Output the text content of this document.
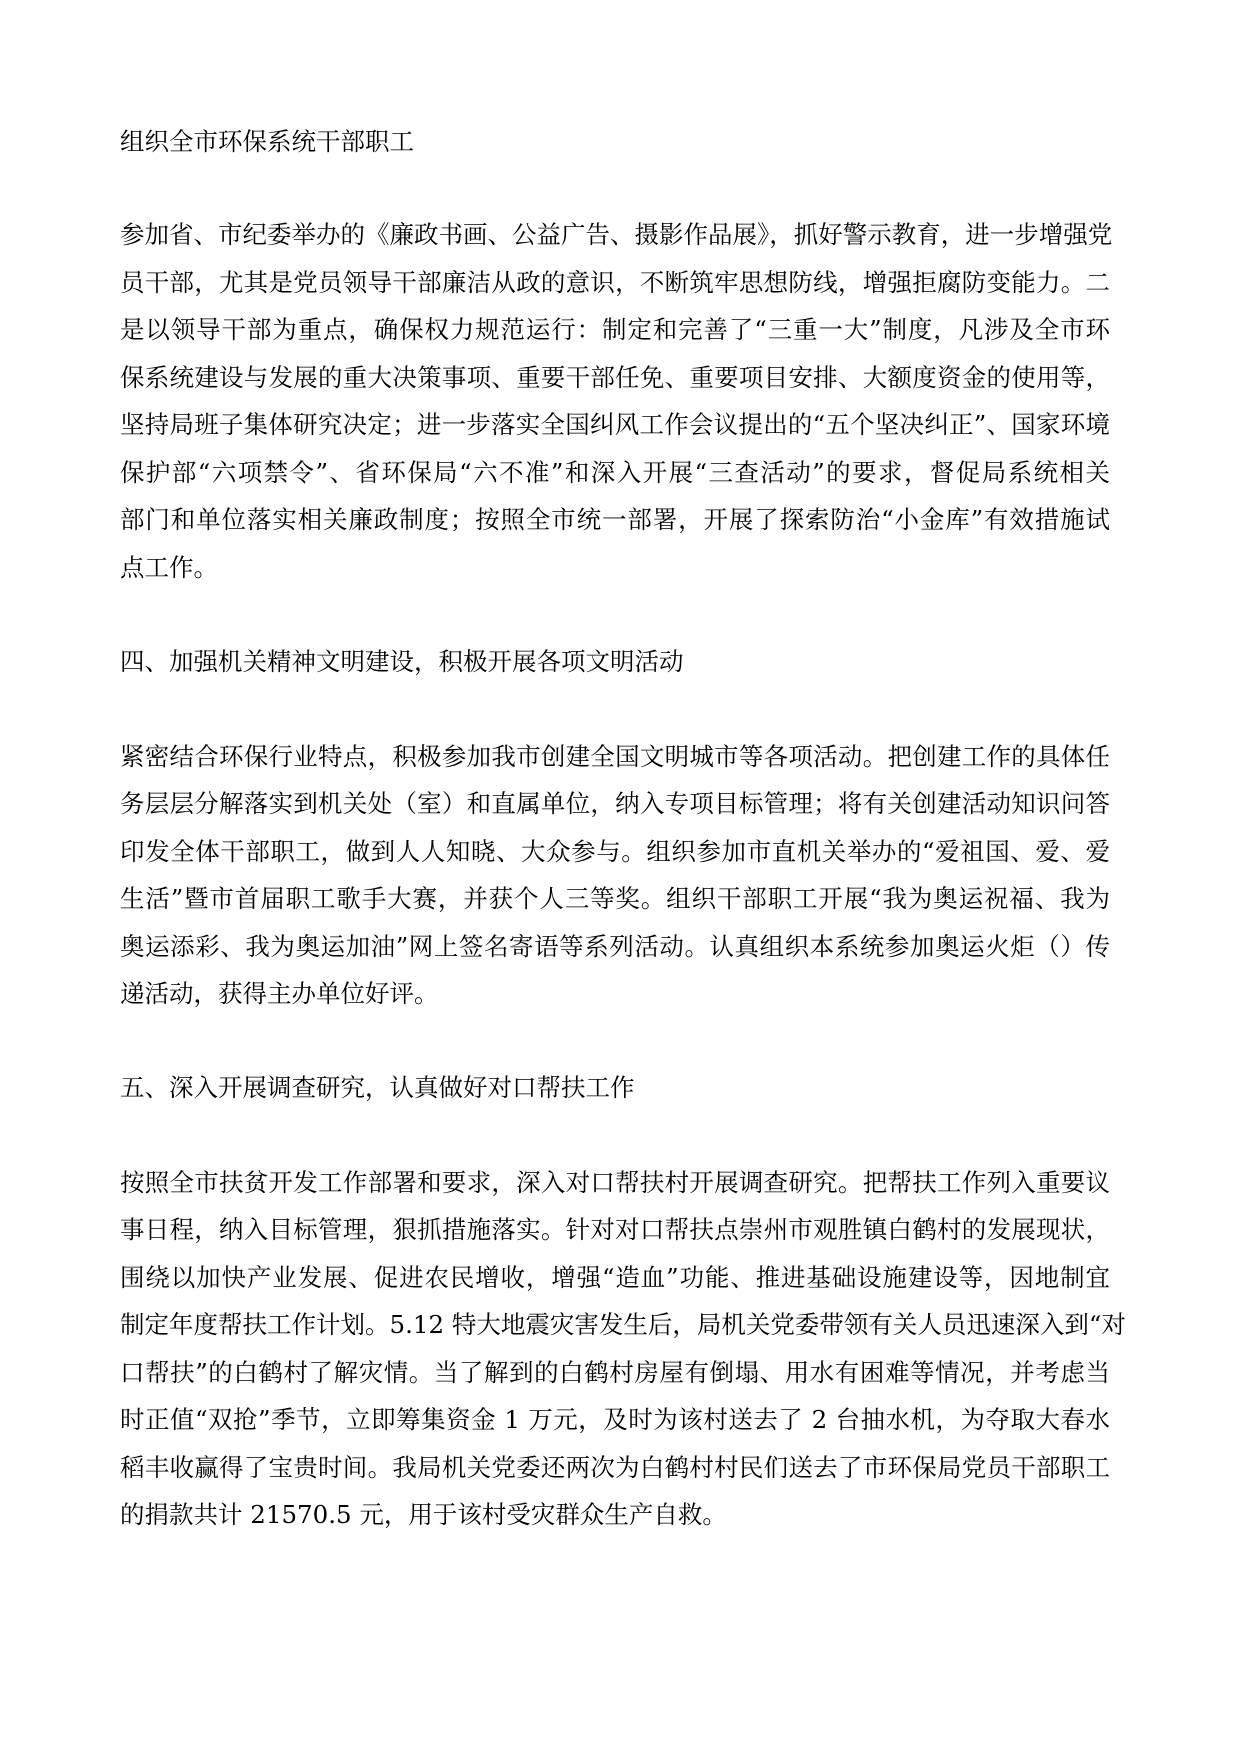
组织全市环保系统干部职工
参加省、市纪委举办的《廉政书画、公益广告、摄影作品展》，抓好警示教育，进一步增强党
员干部，尤其是党员领导干部廉洁从政的意识，不断筑牢思想防线，增强拒腐防变能力。二
是以领导干部为重点，确保权力规范运行：制定和完善了“三重一大”制度，凡涉及全市环
保系统建设与发展的重大决策事项、重要干部任免、重要项目安排、大额度资金的使用等，
坚持局班子集体研究决定；进一步落实全国纠风工作会议提出的“五个坚决纠正”、国家环境
保护部“六项禁令”、省环保局“六不准”和深入开展“三查活动”的要求，督促局系统相关
部门和单位落实相关廉政制度；按照全市统一部署，开展了探索防治“小金库”有效措施试
点工作。
四、加强机关精神文明建设，积极开展各项文明活动
紧密结合环保行业特点，积极参加我市创建全国文明城市等各项活动。把创建工作的具体任
务层层分解落实到机关处（室）和直属单位，纳入专项目标管理；将有关创建活动知识问答
印发全体干部职工，做到人人知晓、大众参与。组织参加市直机关举办的“爱祖国、爱、爱
生活”暨市首届职工歌手大赛，并获个人三等奖。组织干部职工开展“我为奥运祝福、我为
奥运添彩、我为奥运加油”网上签名寄语等系列活动。认真组织本系统参加奥运火炬（）传
递活动，获得主办单位好评。
五、深入开展调查研究，认真做好对口帮扶工作
按照全市扶贫开发工作部署和要求，深入对口帮扶村开展调查研究。把帮扶工作列入重要议
事日程，纳入目标管理，狠抓措施落实。针对对口帮扶点崇州市观胜镇白鹤村的发展现状，
围绕以加快产业发展、促进农民增收，增强“造血”功能、推进基础设施建设等，因地制宜
制定年度帮扶工作计划。5.12 特大地震灾害发生后，局机关党委带领有关人员迅速深入到“对
口帮扶”的白鹤村了解灾情。当了解到的白鹤村房屋有倒塌、用水有困难等情况，并考虑当
时正值“双抢”季节，立即筹集资金 1 万元，及时为该村送去了 2 台抽水机，为夺取大春水
稻丰收赢得了宝贵时间。我局机关党委还两次为白鹤村村民们送去了市环保局党员干部职工
的捐款共计 21570.5 元，用于该村受灾群众生产自救。
